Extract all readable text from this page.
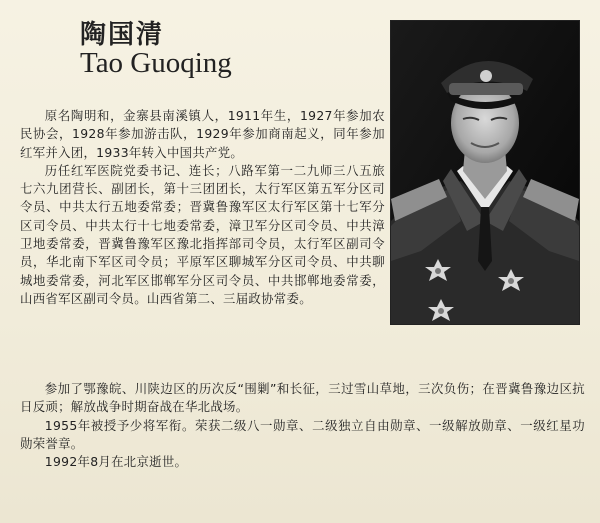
陶国清
Tao Guoqing

原名陶明和，金寨县南溪镇人，1911年生，1927年参加农民协会，1928年参加游击队，1929年参加商南起义，同年参加红军并入团，1933年转入中国共产党。

历任红军医院党委书记、连长；八路军第一二九师三八五旅七六九团营长、副团长，第十三团团长，太行军区第五军分区司令员、中共太行五地委常委；晋冀鲁豫军区太行军区第十七军分区司令员、中共太行十七地委常委，漳卫军分区司令员、中共漳卫地委常委，晋冀鲁豫军区豫北指挥部司令员，太行军区副司令员，华北南下军区司令员；平原军区聊城军分区司令员、中共聊城地委常委，河北军区邯郸军分区司令员、中共邯郸地委常委，山西省军区副司令员。山西省第二、三届政协常委。

参加了鄂豫皖、川陕边区的历次反“围剿”和长征，三过雪山草地，三次负伤；在晋冀鲁豫边区抗日反顽；解放战争时期奋战在华北战场。

1955年被授予少将军衔。荣获二级八一勋章、二级独立自由勋章、一级解放勋章、一级红星功勋荣誉章。

1992年8月在北京逝世。
